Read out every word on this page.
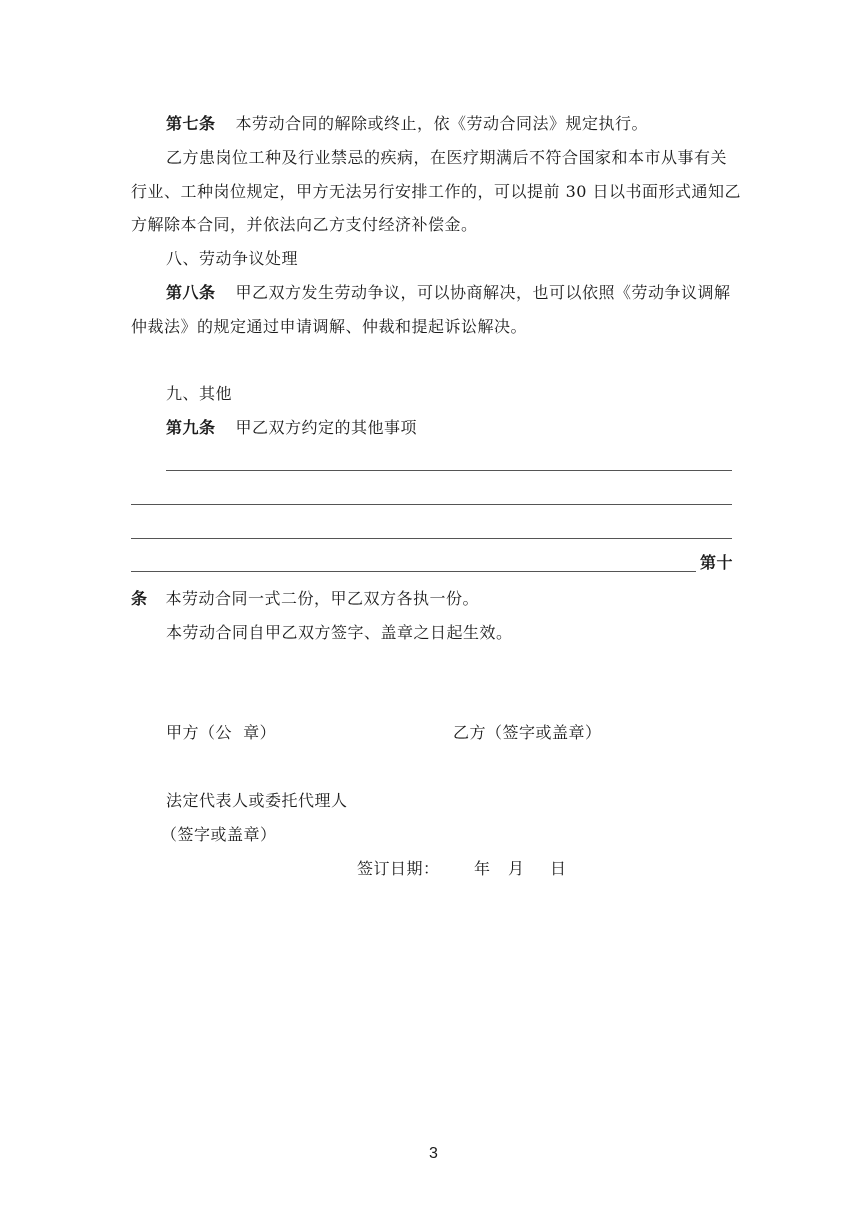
第七条 本劳动合同的解除或终止，依《劳动合同法》规定执行。
乙方患岗位工种及行业禁忌的疾病，在医疗期满后不符合国家和本市从事有关
行业、工种岗位规定，甲方无法另行安排工作的，可以提前 30 日以书面形式通知乙
方解除本合同，并依法向乙方支付经济补偿金。
八、劳动争议处理
第八条 甲乙双方发生劳动争议，可以协商解决，也可以依照《劳动争议调解
仲裁法》的规定通过申请调解、仲裁和提起诉讼解决。
九、其他
第九条 甲乙双方约定的其他事项
第十
条 本劳动合同一式二份，甲乙双方各执一份。
本劳动合同自甲乙双方签字、盖章之日起生效。
甲方（公  章）	乙方（签字或盖章）
法定代表人或委托代理人
（签字或盖章）
签订日期： 年 月 日
3
